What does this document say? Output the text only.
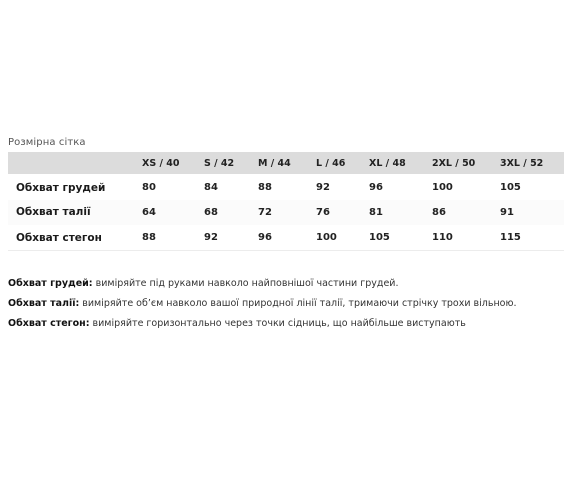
Розмірна сітка
	XS / 40	S / 42	M / 44	L / 46	XL / 48	2XL / 50	3XL / 52
Обхват грудей	80	84	88	92	96	100	105
Обхват талії	64	68	72	76	81	86	91
Обхват стегон	88	92	96	100	105	110	115

Обхват грудей: виміряйте під руками навколо найповнішої частини грудей.

Обхват талії: виміряйте об’єм навколо вашої природної лінії талії, тримаючи стрічку трохи вільною.

Обхват стегон: виміряйте горизонтально через точки сідниць, що найбільше виступають
